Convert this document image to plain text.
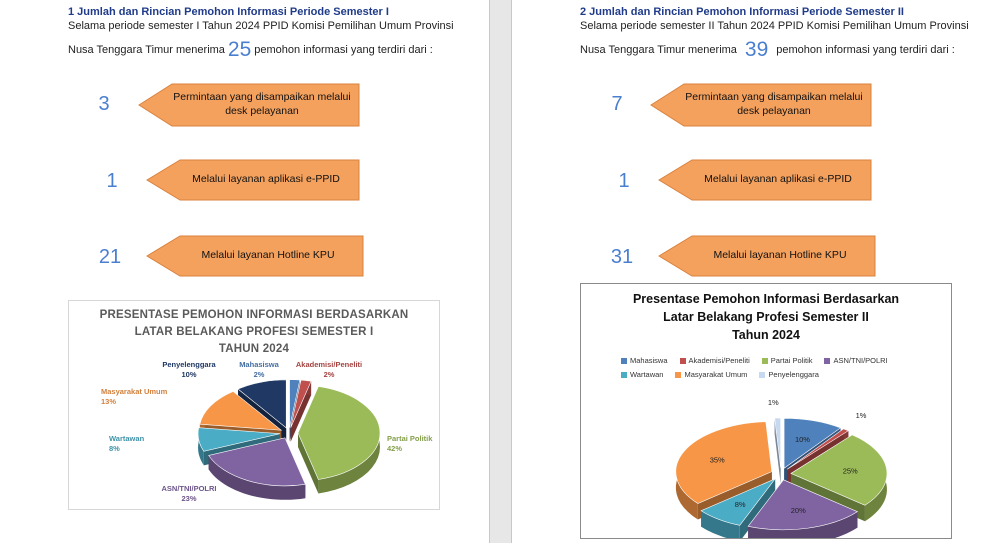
1 Jumlah dan Rincian Pemohon Informasi Periode Semester I
Selama periode semester I Tahun 2024 PPID Komisi Pemilihan Umum Provinsi
Nusa Tenggara Timur menerima 25 pemohon informasi yang terdiri dari :
3	Permintaan yang disampaikan melalui desk pelayanan
1	Melalui layanan aplikasi e-PPID
21	Melalui layanan Hotline KPU
PRESENTASE PEMOHON INFORMASI BERDASARKAN
LATAR BELAKANG PROFESI SEMESTER I
TAHUN 2024
Mahasiswa 2%
Akademisi/Peneliti 2%
Partai Politik 42%
ASN/TNI/POLRI 23%
Wartawan 8%
Masyarakat Umum 13%
Penyelenggara 10%
2 Jumlah dan Rincian Pemohon Informasi Periode Semester II
Selama periode semester II Tahun 2024 PPID Komisi Pemilihan Umum Provinsi
Nusa Tenggara Timur menerima 39 pemohon informasi yang terdiri dari :
7	Permintaan yang disampaikan melalui desk pelayanan
1	Melalui layanan aplikasi e-PPID
31	Melalui layanan Hotline KPU
Presentase Pemohon Informasi Berdasarkan
Latar Belakang Profesi Semester II
Tahun 2024
Mahasiswa	Akademisi/Peneliti	Partai Politik	ASN/TNI/POLRIWartawan	Masyarakat Umum	Penyelenggara
10%
1%
25%
20%
8%
35%
1%
